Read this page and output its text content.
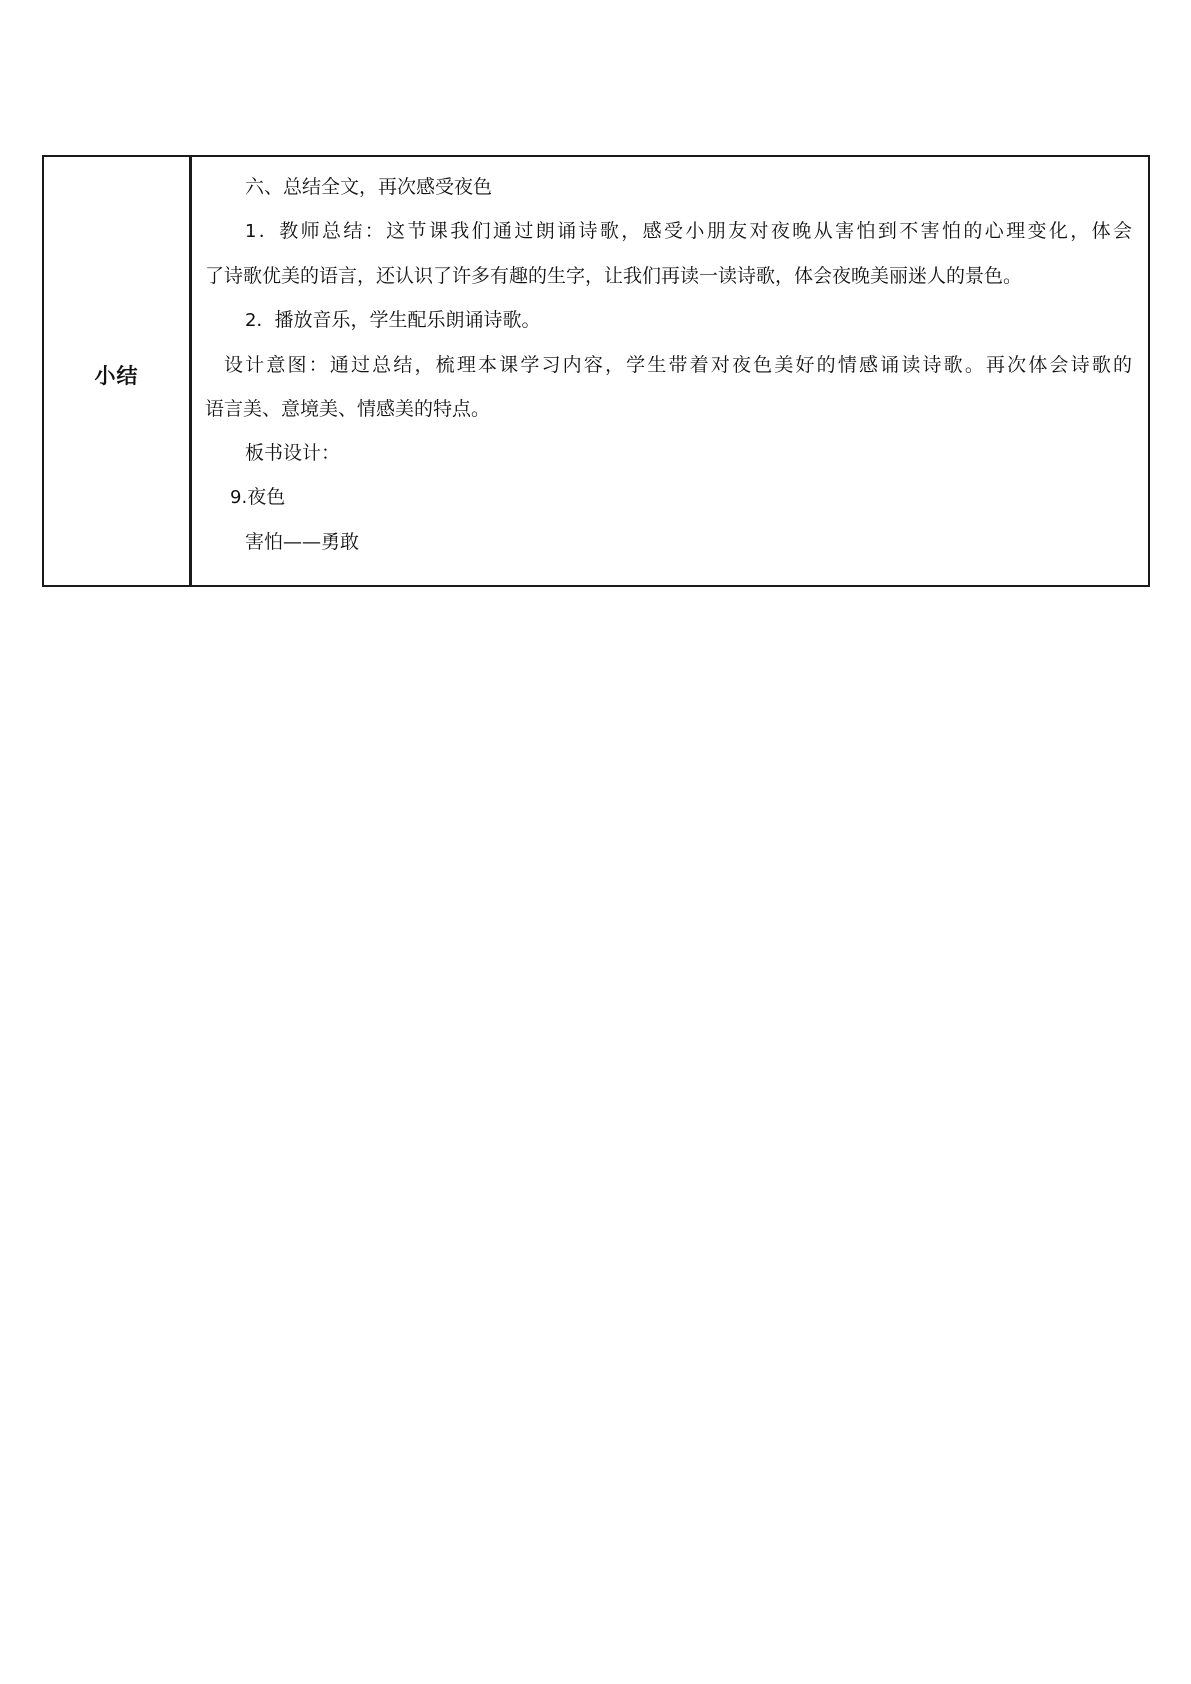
小结
六、总结全文，再次感受夜色
1．教师总结：这节课我们通过朗诵诗歌，感受小朋友对夜晚从害怕到不害怕的心理变化，体会
了诗歌优美的语言，还认识了许多有趣的生字，让我们再读一读诗歌，体会夜晚美丽迷人的景色。
2．播放音乐，学生配乐朗诵诗歌。
设计意图：通过总结，梳理本课学习内容，学生带着对夜色美好的情感诵读诗歌。再次体会诗歌的
语言美、意境美、情感美的特点。
板书设计：
9.夜色
害怕——勇敢
